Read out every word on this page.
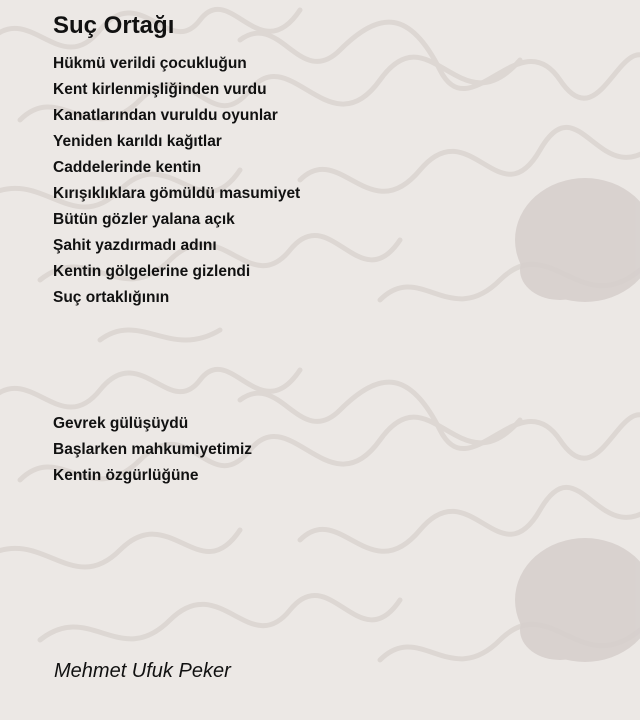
Suç Ortağı
Hükmü verildi çocukluğun
Kent kirlenmişliğinden vurdu
Kanatlarından vuruldu oyunlar
Yeniden karıldı kağıtlar
Caddelerinde kentin
Kırışıklıklara gömüldü masumiyet
Bütün gözler yalana açık
Şahit yazdırmadı adını
Kentin gölgelerine gizlendi
Suç ortaklığının
Gevrek gülüşüydü
Başlarken mahkumiyetimiz
Kentin özgürlüğüne
Mehmet Ufuk Peker
